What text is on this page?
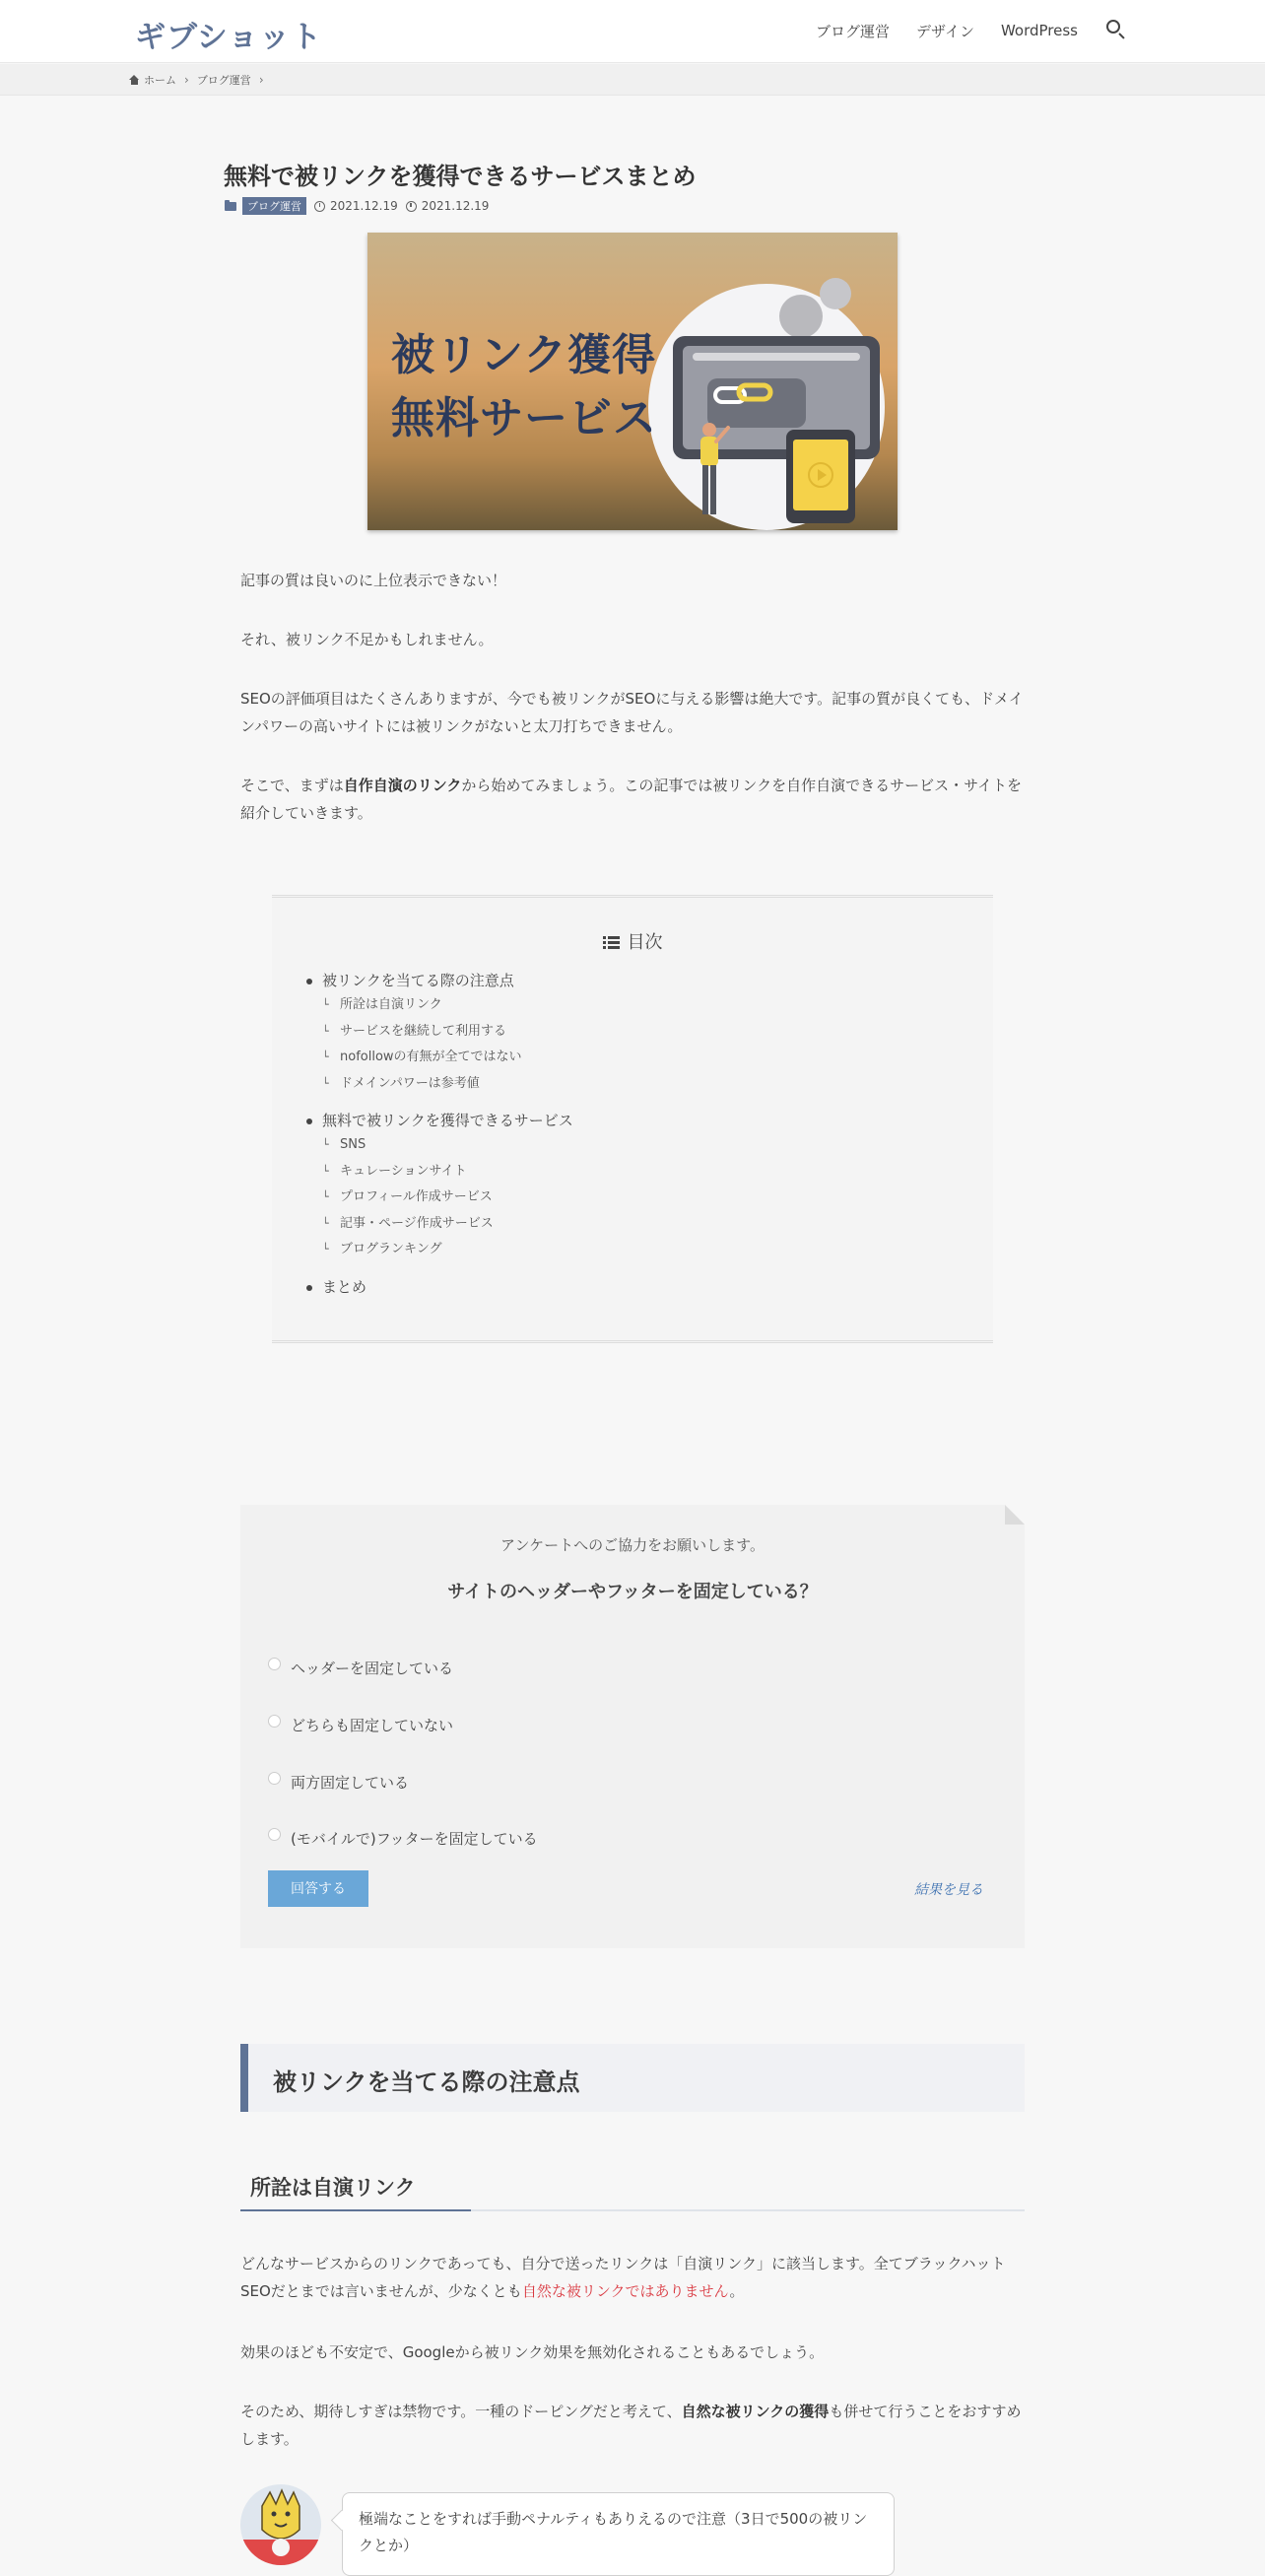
ギブショット	ブログ運営 デザイン WordPress
ホーム › ブログ運営 ›
無料で被リンクを獲得できるサービスまとめ
ブログ運営	2021.12.19 2021.12.19
被リンク獲得
無料サービス

記事の質は良いのに上位表示できない！

それ、被リンク不足かもしれません。

SEOの評価項目はたくさんありますが、今でも被リンクがSEOに与える影響は絶大です。記事の質が良くても、ドメインパワーの高いサイトには被リンクがないと太刀打ちできません。

そこで、まずは自作自演のリンクから始めてみましょう。この記事では被リンクを自作自演できるサービス・サイトを紹介していきます。

目次
被リンクを当てる際の注意点
└ 所詮は自演リンク
└ サービスを継続して利用する
└ nofollowの有無が全てではない
└ ドメインパワーは参考値
無料で被リンクを獲得できるサービス
└ SNS
└ キュレーションサイト
└ プロフィール作成サービス
└ 記事・ページ作成サービス
└ ブログランキング
まとめ
アンケートへのご協力をお願いします。
サイトのヘッダーやフッターを固定している？
ヘッダーを固定している
どちらも固定していない
両方固定している
(モバイルで)フッターを固定している
回答する	結果を見る
被リンクを当てる際の注意点
所詮は自演リンク

どんなサービスからのリンクであっても、自分で送ったリンクは「自演リンク」に該当します。全てブラックハットSEOだとまでは言いませんが、少なくとも自然な被リンクではありません。

効果のほども不安定で、Googleから被リンク効果を無効化されることもあるでしょう。

そのため、期待しすぎは禁物です。一種のドーピングだと考えて、自然な被リンクの獲得も併せて行うことをおすすめします。

極端なことをすれば手動ペナルティもありえるので注意（3日で500の被リンクとか）
